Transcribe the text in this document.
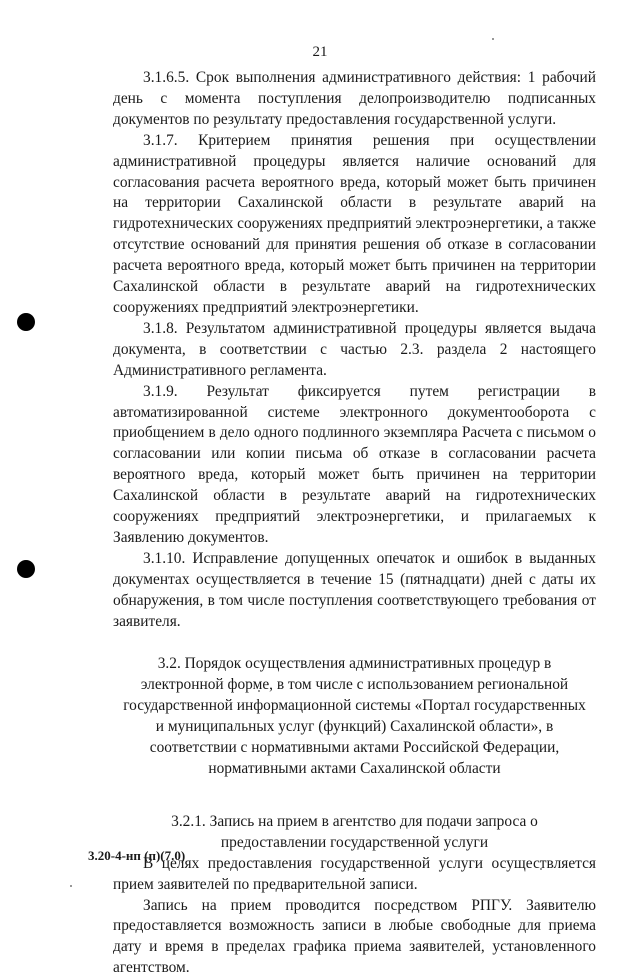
21

3.1.6.5. Срок выполнения административного действия: 1 рабочий день с момента поступления делопроизводителю подписанных документов по результату предоставления государственной услуги.

3.1.7. Критерием принятия решения при осуществлении административной процедуры является наличие оснований для согласования расчета вероятного вреда, который может быть причинен на территории Сахалинской области в результате аварий на гидротехнических сооружениях предприятий электроэнергетики, а также отсутствие оснований для принятия решения об отказе в согласовании расчета вероятного вреда, который может быть причинен на территории Сахалинской области в результате аварий на гидротехнических сооружениях предприятий электроэнергетики.

3.1.8. Результатом административной процедуры является выдача документа, в соответствии с частью 2.3. раздела 2 настоящего Административного регламента.

3.1.9. Результат фиксируется путем регистрации в автоматизированной системе электронного документооборота с приобщением в дело одного подлинного экземпляра Расчета с письмом о согласовании или копии письма об отказе в согласовании расчета вероятного вреда, который может быть причинен на территории Сахалинской области в результате аварий на гидротехнических сооружениях предприятий электроэнергетики, и прилагаемых к Заявлению документов.

3.1.10. Исправление допущенных опечаток и ошибок в выданных документах осуществляется в течение 15 (пятнадцати) дней с даты их обнаружения, в том числе поступления соответствующего требования от заявителя.

3.2. Порядок осуществления административных процедур в электронной форме, в том числе с использованием региональной государственной информационной системы «Портал государственных и муниципальных услуг (функций) Сахалинской области», в соответствии с нормативными актами Российской Федерации, нормативными актами Сахалинской области

3.2.1. Запись на прием в агентство для подачи запроса о предоставлении государственной услуги

В целях предоставления государственной услуги осуществляется прием заявителей по предварительной записи.

Запись на прием проводится посредством РПГУ. Заявителю предоставляется возможность записи в любые свободные для приема дату и время в пределах графика приема заявителей, установленного агентством.

3.20-4-нп (п)(7.0)
